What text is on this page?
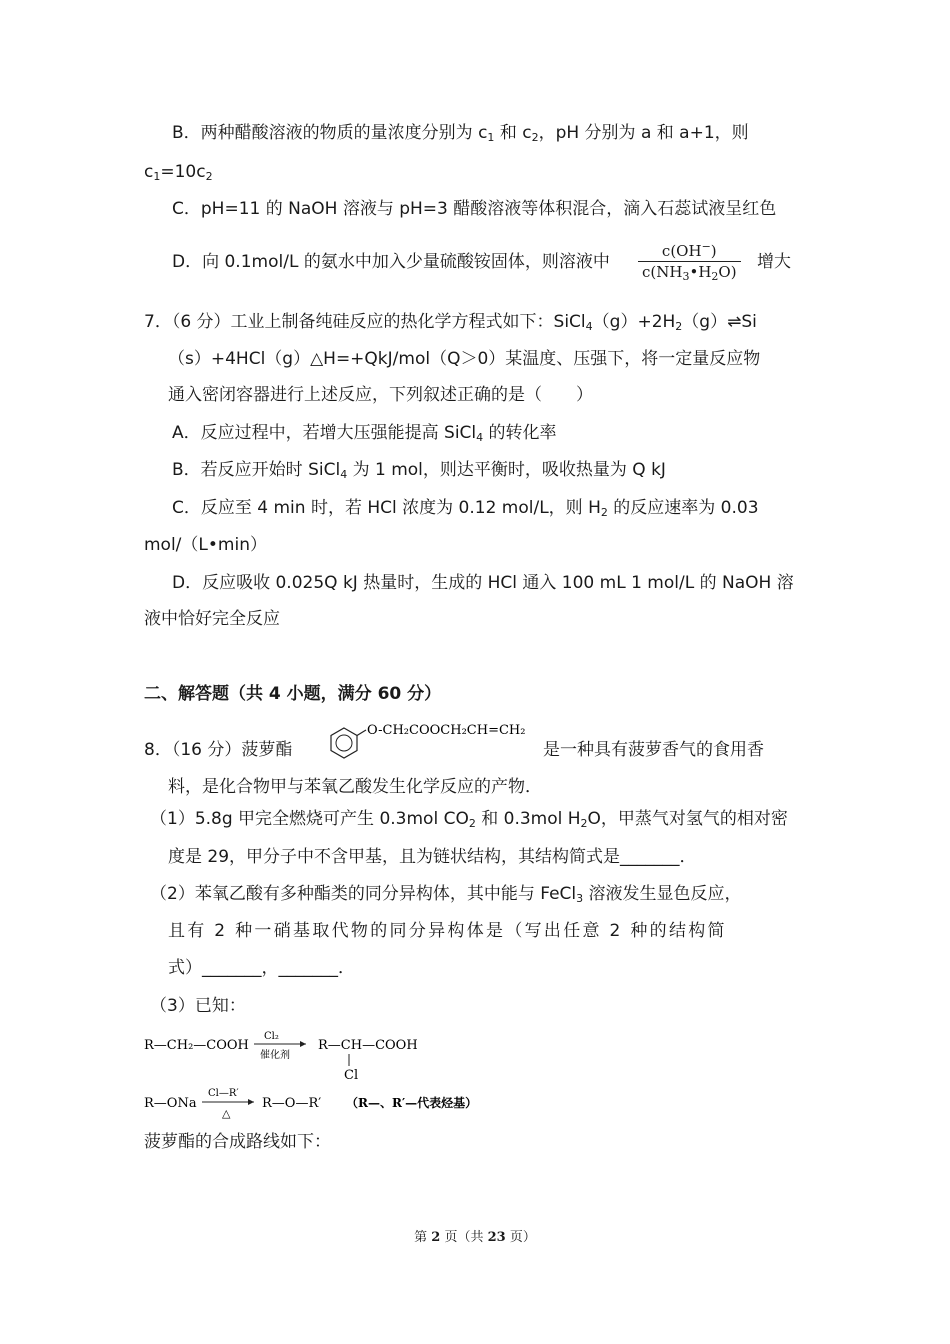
B．两种醋酸溶液的物质的量浓度分别为 $c_1$ 和 $c_2$，pH 分别为 a 和 a+1，则
$c_1=10c_2$
C．pH=11 的 NaOH 溶液与 pH=3 醋酸溶液等体积混合，滴入石蕊试液呈红色
D．向 0.1mol/L 的氨水中加入少量硫酸铵固体，则溶液中 $\frac{c(OH^-)}{c(NH_3•H_2O)}$ 增大
7．（6 分）工业上制备纯硅反应的热化学方程式如下：$SiCl_4(g)+2H_2(g)\rightleftharpoons Si$
（s）+4HCl（g）△H=+QkJ/mol（Q＞0）某温度、压强下，将一定量反应物
通入密闭容器进行上述反应，下列叙述正确的是（　　）
A．反应过程中，若增大压强能提高 SiCl$_4$ 的转化率
B．若反应开始时 SiCl$_4$ 为 1 mol，则达平衡时，吸收热量为 Q kJ
C．反应至 4 min 时，若 HCl 浓度为 0.12 mol/L，则 $H_2$ 的反应速率为 0.03
mol/（L•min）
D．反应吸收 0.025Q kJ 热量时，生成的 HCl 通入 100 mL 1 mol/L 的 NaOH 溶
液中恰好完全反应
二、解答题（共 4 小题，满分 60 分）
8．（16 分）菠萝酯
O-CH₂COOCH₂CH=CH₂
是一种具有菠萝香气的食用香
料，是化合物甲与苯氧乙酸发生化学反应的产物．
（1）5.8g 甲完全燃烧可产生 0.3mol $CO_2$ 和 0.3mol $H_2O$，甲蒸气对氢气的相对密
度是 29，甲分子中不含甲基，且为链状结构，其结构简式是_______．
（2）苯氧乙酸有多种酯类的同分异构体，其中能与 FeCl$_3$ 溶液发生显色反应，
且有 2 种一硝基取代物的同分异构体是（写出任意 2 种的结构简
式）_______，_______．
（3）已知：
R—CH₂—COOH
Cl₂
催化剂
R—CH—COOH
Cl
R—ONa
Cl—R′
△
R—O—R′ （R—、R′—代表烃基）
菠萝酯的合成路线如下：
第 2 页（共 23 页）
